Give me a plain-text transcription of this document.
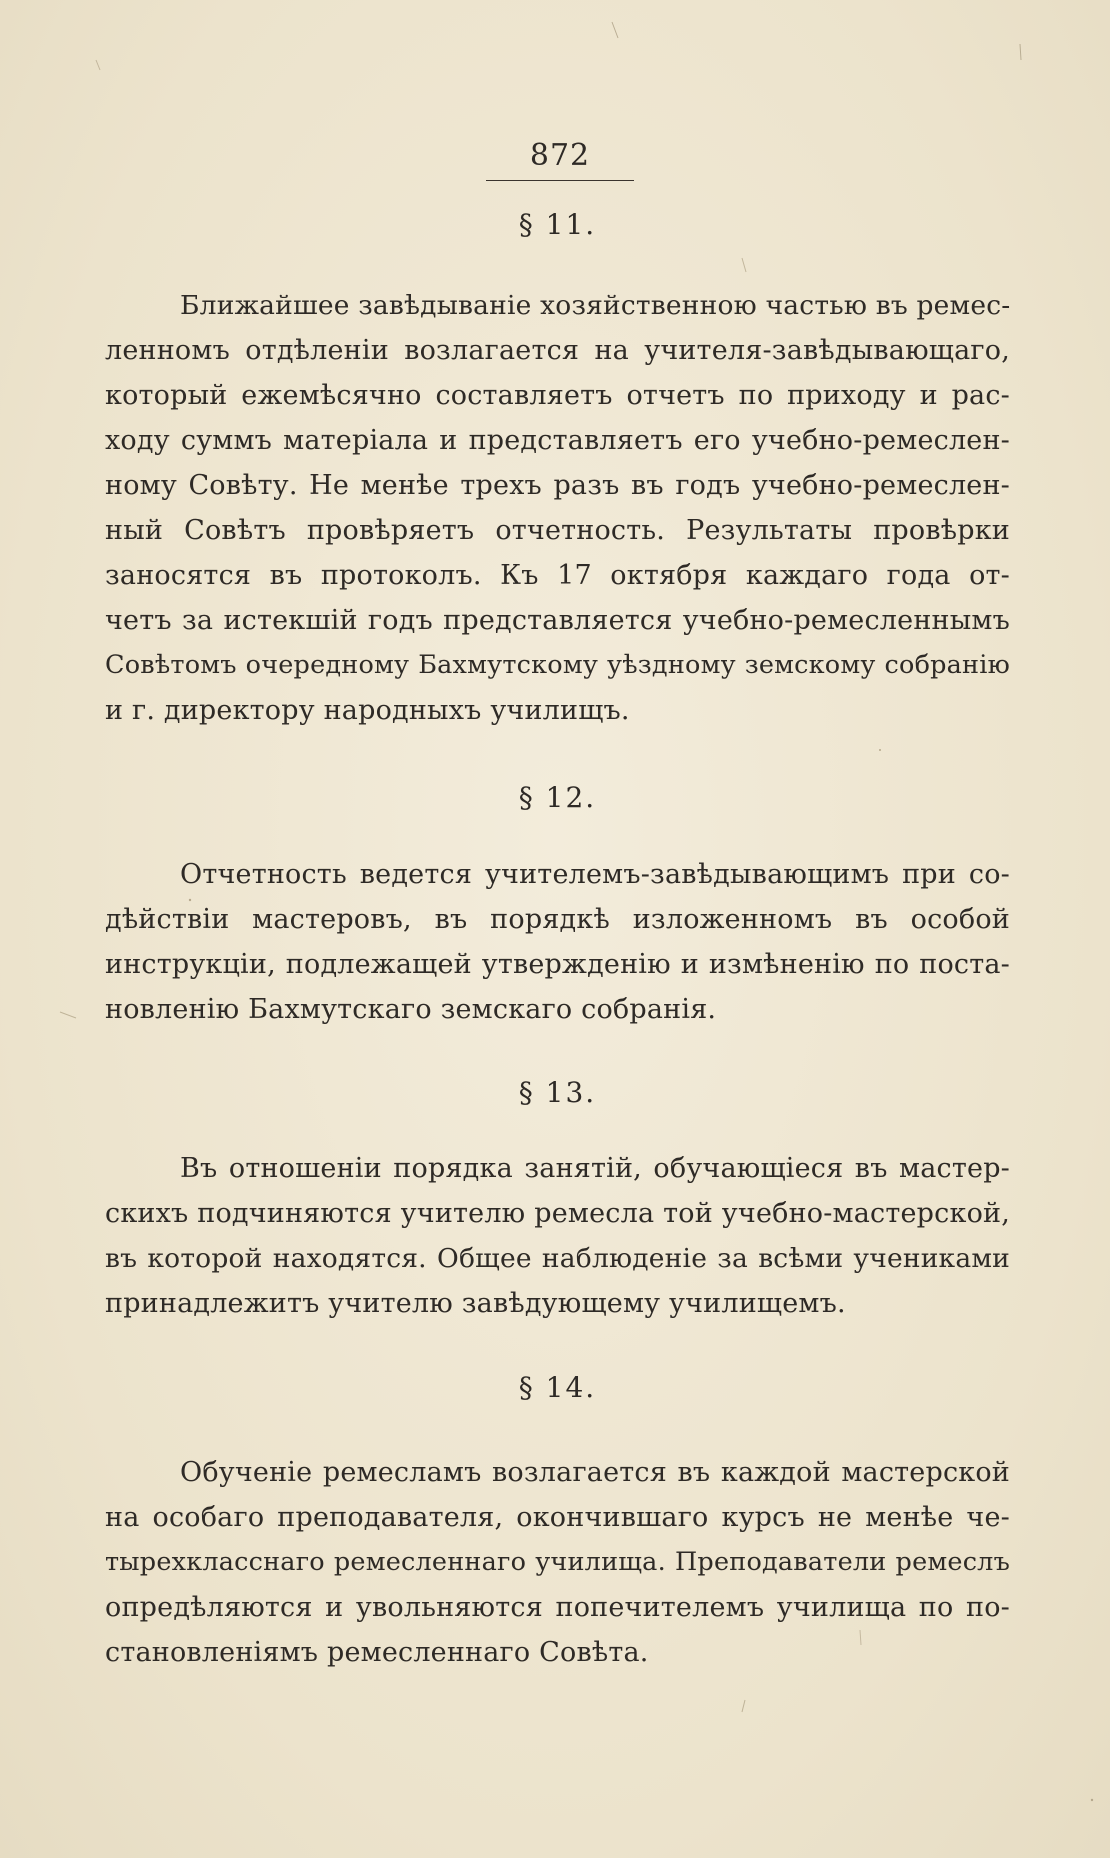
872
§ 11.
Ближайшее завѣдываніе хозяйственною частью въ ремес-
ленномъ отдѣленіи возлагается на учителя-завѣдывающаго,
который ежемѣсячно составляетъ отчетъ по приходу и рас-
ходу суммъ матеріала и представляетъ его учебно-ремеслен-
ному Совѣту. Не менѣе трехъ разъ въ годъ учебно-ремеслен-
ный Совѣтъ провѣряетъ отчетность. Результаты провѣрки
заносятся въ протоколъ. Къ 17 октября каждаго года от-
четъ за истекшій годъ представляется учебно-ремесленнымъ
Совѣтомъ очередному Бахмутскому уѣздному земскому собранію
и г. директору народныхъ училищъ.
§ 12.
Отчетность ведется учителемъ-завѣдывающимъ при со-
дѣйствіи мастеровъ, въ порядкѣ изложенномъ въ особой
инструкціи, подлежащей утвержденію и измѣненію по поста-
новленію Бахмутскаго земскаго собранія.
§ 13.
Въ отношеніи порядка занятій, обучающіеся въ мастер-
скихъ подчиняются учителю ремесла той учебно-мастерской,
въ которой находятся. Общее наблюденіе за всѣми учениками
принадлежитъ учителю завѣдующему училищемъ.
§ 14.
Обученіе ремесламъ возлагается въ каждой мастерской
на особаго преподавателя, окончившаго курсъ не менѣе че-
тырехкласснаго ремесленнаго училища. Преподаватели ремеслъ
опредѣляются и увольняются попечителемъ училища по по-
становленіямъ ремесленнаго Совѣта.
